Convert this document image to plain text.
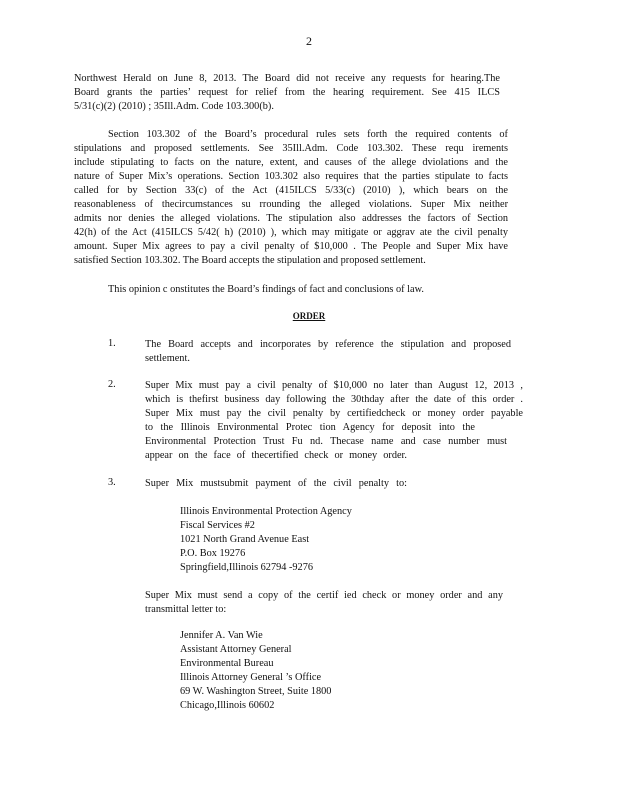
2
Northwest Herald on June 8, 2013. The Board did not receive any requests for hearing.The
Board grants the parties’ request for relief from the hearing requirement. See 415 ILCS
5/31(c)(2) (2010) ; 35Ill.Adm. Code 103.300(b).
Section 103.302 of the Board’s procedural rules sets forth the required contents of
stipulations and proposed settlements. See 35Ill.Adm. Code 103.302. These requ irements
include stipulating to facts on the nature, extent, and causes of the allege dviolations and the
nature of Super Mix’s operations. Section 103.302 also requires that the parties stipulate to facts
called for by Section 33(c) of the Act (415ILCS 5/33(c) (2010) ), which bears on the
reasonableness of thecircumstances su rrounding the alleged violations. Super Mix neither
admits nor denies the alleged violations. The stipulation also addresses the factors of Section
42(h) of the Act (415ILCS 5/42( h) (2010) ), which may mitigate or aggrav ate the civil penalty
amount. Super Mix agrees to pay a civil penalty of $10,000 . The People and Super Mix have
satisfied Section 103.302. The Board accepts the stipulation and proposed settlement.
This opinion c onstitutes the Board’s findings of fact and conclusions of law.
ORDER
1.	The Board accepts and incorporates by reference the stipulation and proposed
settlement.
2.	Super Mix must pay a civil penalty of $10,000 no later than August 12, 2013 ,
which is thefirst business day following the 30thday after the date of this order .
Super Mix must pay the civil penalty by certifiedcheck or money order payable
to the Illinois Environmental Protec tion Agency for deposit into the
Environmental Protection Trust Fu nd. Thecase name and case number must
appear on the face of thecertified check or money order.
3.	Super Mix mustsubmit payment of the civil penalty to:
Illinois Environmental Protection Agency
Fiscal Services #2
1021 North Grand Avenue East
P.O. Box 19276
Springfield,Illinois 62794 -9276
Super Mix must send a copy of the certif ied check or money order and any
transmittal letter to:
Jennifer A. Van Wie
Assistant Attorney General
Environmental Bureau
Illinois Attorney General ’s Office
69 W. Washington Street, Suite 1800
Chicago,Illinois 60602
